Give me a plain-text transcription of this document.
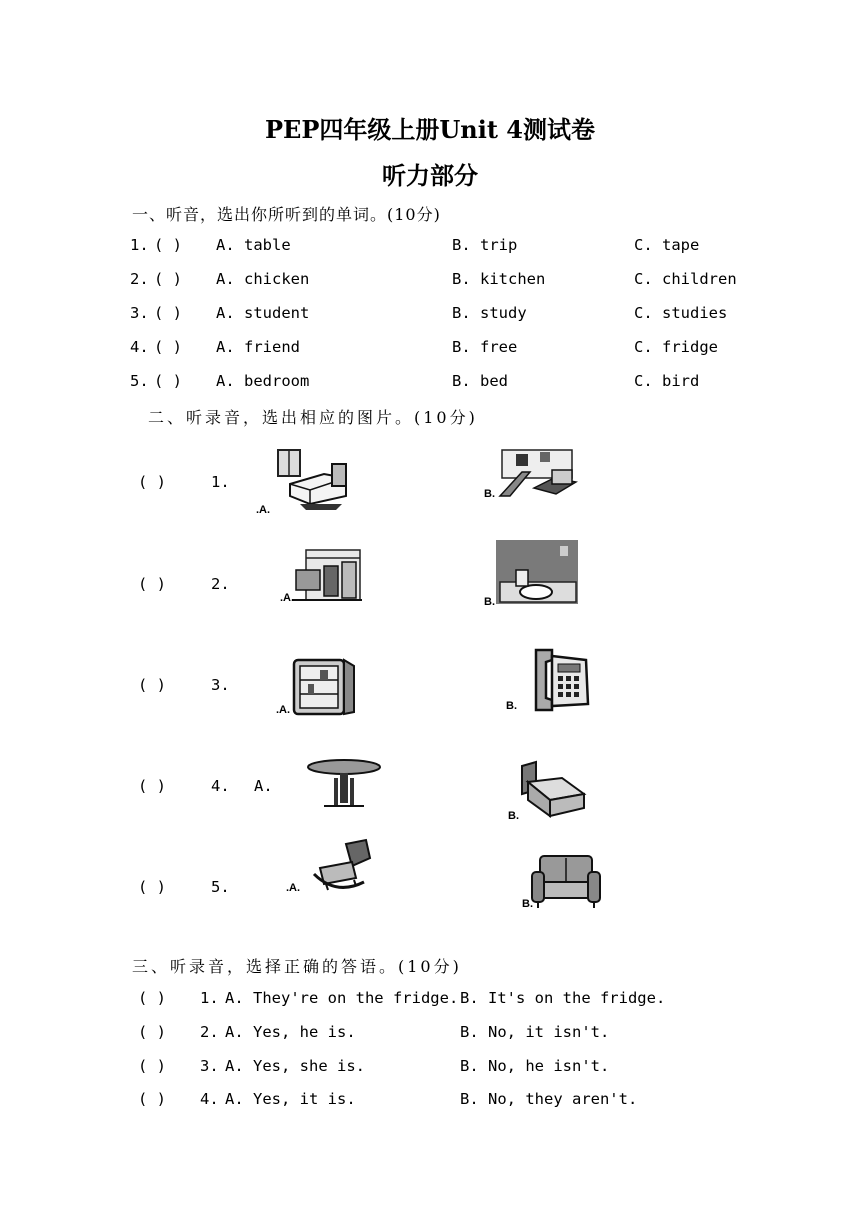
PEP四年级上册Unit 4测试卷
听力部分
一、听音，选出你所听到的单词。(10分)
1. ( ) A. table	B. trip	C. tape
2. ( ) A. chicken	B. kitchen	C. children
3. ( ) A. student	B. study	C. studies
4. ( ) A. friend	B. free	C. fridge
5. ( ) A. bedroom	B. bed	C. bird
二、听录音，选出相应的图片。(10分)
( )	1.
.A.
B.
( )	2.
.A.	B.
( )	3.
.A.	B.
( )	4. A.
B.
( )	5.	.A.
B.
三、听录音，选择正确的答语。(10分)
( ) 1. A. They're on the fridge. B. It's on the fridge.
( ) 2. A. Yes, he is.	B. No, it isn't.
( ) 3. A. Yes, she is.	B. No, he isn't.
( ) 4. A. Yes, it is.	B. No, they aren't.
